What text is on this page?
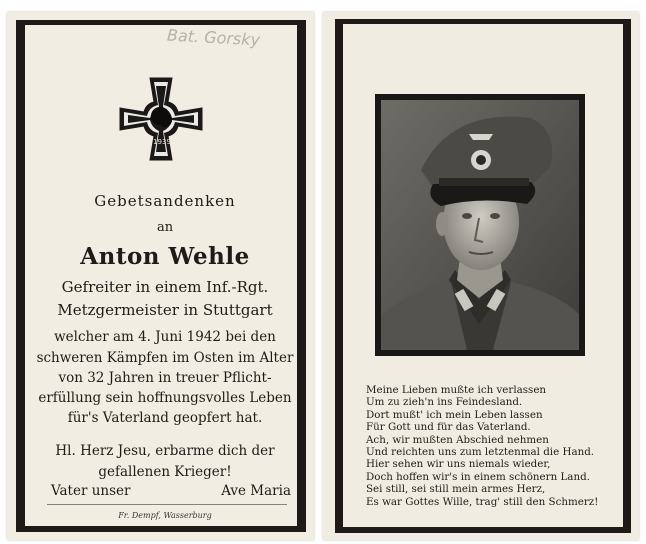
Bat. Gorsky
1939
Gebetsandenken
an
Anton Wehle
Gefreiter in einem Inf.-Rgt.
Metzgermeister in Stuttgart
welcher am 4. Juni 1942 bei den
schweren Kämpfen im Osten im Alter
von 32 Jahren in treuer Pflicht-
erfüllung sein hoffnungsvolles Leben
für's Vaterland geopfert hat.
Hl. Herz Jesu, erbarme dich der
gefallenen Krieger!
Vater unser	Ave Maria
Fr. Dempf, Wasserburg
Meine Lieben mußte ich verlassen
Um zu zieh'n ins Feindesland.
Dort mußt' ich mein Leben lassen
Für Gott und für das Vaterland.
Ach, wir mußten Abschied nehmen
Und reichten uns zum letztenmal die Hand.
Hier sehen wir uns niemals wieder,
Doch hoffen wir's in einem schönern Land.
Sei still, sei still mein armes Herz,
Es war Gottes Wille, trag' still den Schmerz!
